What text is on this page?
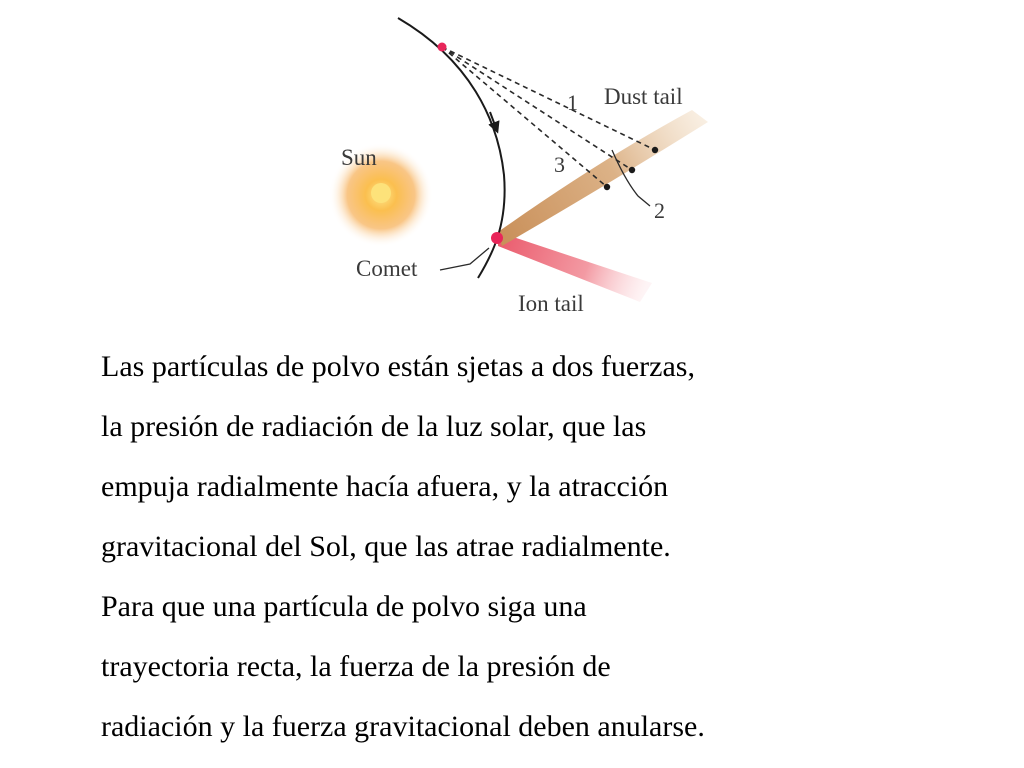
Sun
Comet
Dust tail
Ion tail
1
2
3
Las partículas de polvo están sjetas a dos fuerzas,
la presión de radiación de la luz solar, que las
empuja radialmente hacía afuera, y la atracción
gravitacional del Sol, que las atrae radialmente.
Para que una partícula de polvo siga una
trayectoria recta, la fuerza de la presión de
radiación y la fuerza gravitacional deben anularse.
